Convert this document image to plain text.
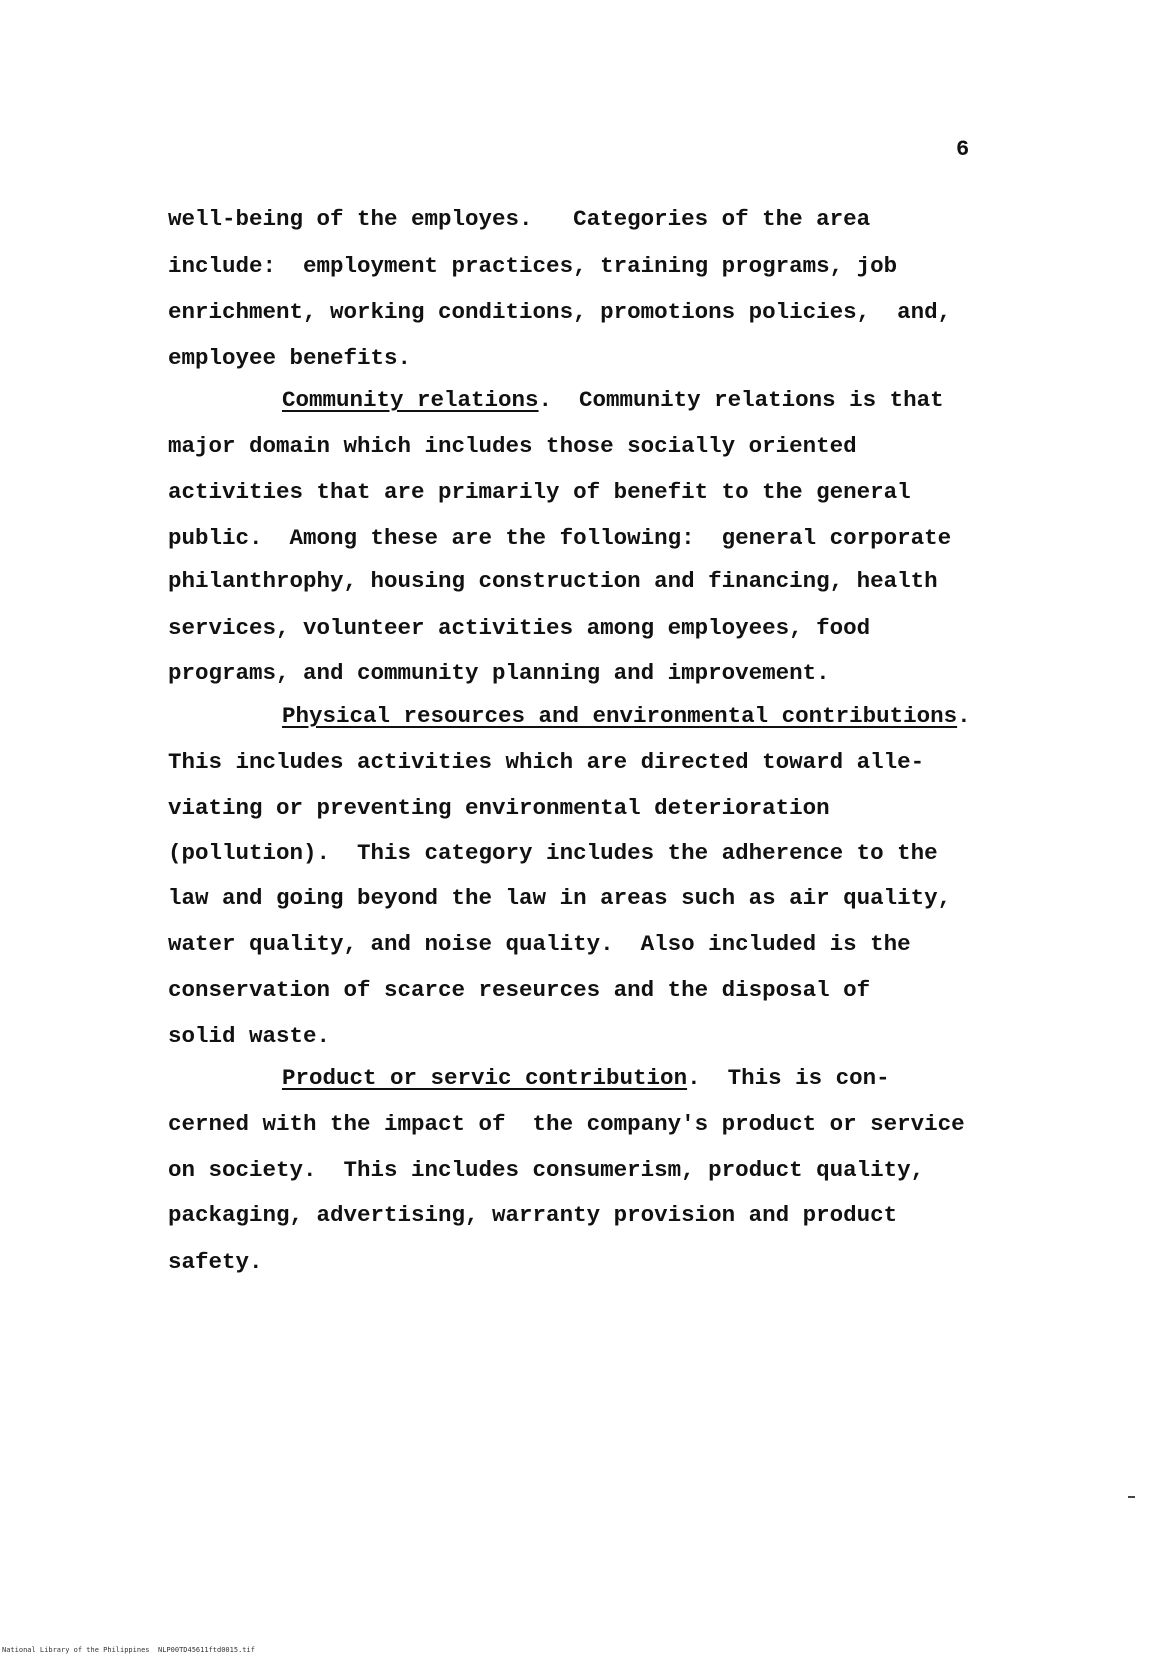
6
well-being of the employes.   Categories of the area
include:  employment practices, training programs, job
enrichment, working conditions, promotions policies,  and,
employee benefits.
Community relations.  Community relations is that
major domain which includes those socially oriented
activities that are primarily of benefit to the general
public.  Among these are the following:  general corporate
philanthrophy, housing construction and financing, health
services, volunteer activities among employees, food
programs, and community planning and improvement.
Physical resources and environmental contributions.
This includes activities which are directed toward alle-
viating or preventing environmental deterioration
(pollution).  This category includes the adherence to the
law and going beyond the law in areas such as air quality,
water quality, and noise quality.  Also included is the
conservation of scarce reseurces and the disposal of
solid waste.
Product or servic contribution.  This is con-
cerned with the impact of  the company's product or service
on society.  This includes consumerism, product quality,
packaging, advertising, warranty provision and product
safety.
National Library of the Philippines NLP00TD45611ftd0015.tif
